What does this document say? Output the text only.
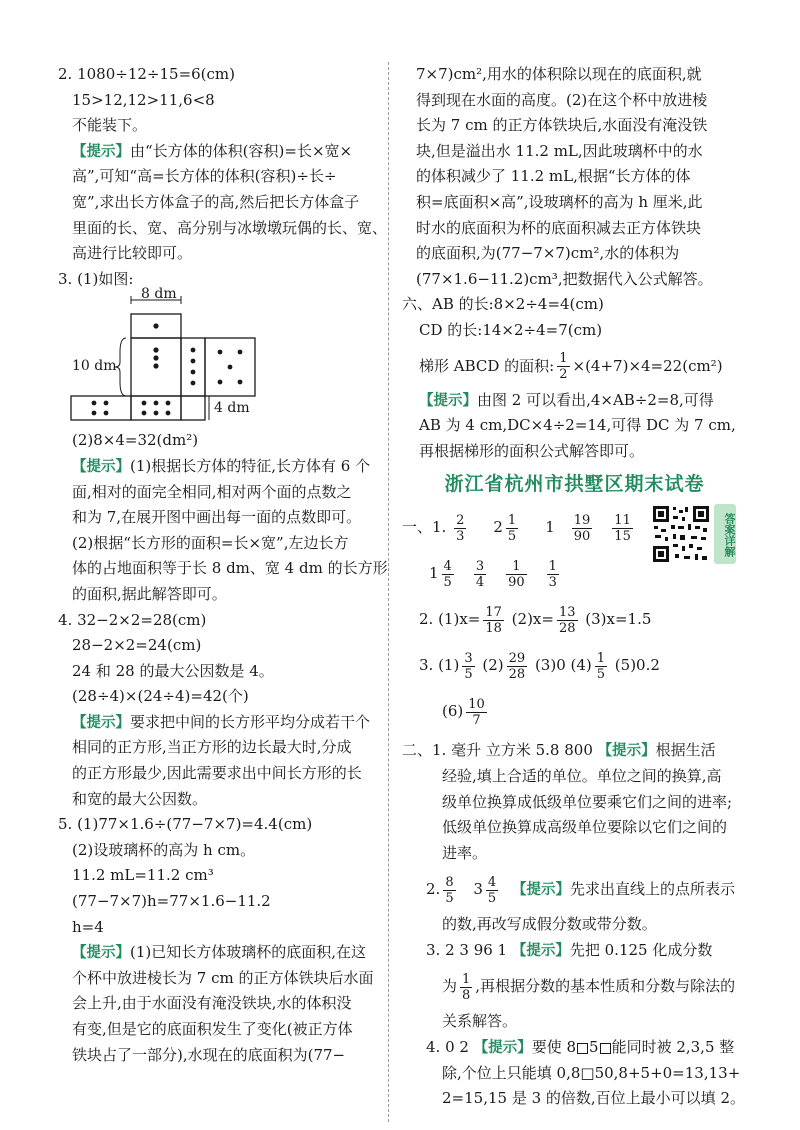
2. 1080÷12÷15=6(cm)
15>12,12>11,6<8
不能装下。
【提示】由“长方体的体积(容积)=长×宽×
高”,可知“高=长方体的体积(容积)÷长÷
宽”,求出长方体盒子的高,然后把长方体盒子
里面的长、宽、高分别与冰墩墩玩偶的长、宽、
高进行比较即可。
3. (1)如图:
8 dm
10 dm
4 dm
(2)8×4=32(dm²)
【提示】(1)根据长方体的特征,长方体有 6 个
面,相对的面完全相同,相对两个面的点数之
和为 7,在展开图中画出每一面的点数即可。
(2)根据“长方形的面积=长×宽”,左边长方
体的占地面积等于长 8 dm、宽 4 dm 的长方形
的面积,据此解答即可。
4. 32−2×2=28(cm)
28−2×2=24(cm)
24 和 28 的最大公因数是 4。
(28÷4)×(24÷4)=42(个)
【提示】要求把中间的长方形平均分成若干个
相同的正方形,当正方形的边长最大时,分成
的正方形最少,因此需要求出中间长方形的长
和宽的最大公因数。
5. (1)77×1.6÷(77−7×7)=4.4(cm)
(2)设玻璃杯的高为 h cm。
11.2 mL=11.2 cm³
(77−7×7)h=77×1.6−11.2
h=4
【提示】(1)已知长方体玻璃杯的底面积,在这
个杯中放进棱长为 7 cm 的正方体铁块后水面
会上升,由于水面没有淹没铁块,水的体积没
有变,但是它的底面积发生了变化(被正方体
铁块占了一部分),水现在的底面积为(77−
7×7)cm²,用水的体积除以现在的底面积,就
得到现在水面的高度。(2)在这个杯中放进棱
长为 7 cm 的正方体铁块后,水面没有淹没铁
块,但是溢出水 11.2 mL,因此玻璃杯中的水
的体积减少了 11.2 mL,根据“长方体的体
积=底面积×高”,设玻璃杯的高为 h 厘米,此
时水的底面积为杯的底面积减去正方体铁块
的底面积,为(77−7×7)cm²,水的体积为
(77×1.6−11.2)cm³,把数据代入公式解答。
六、AB 的长:8×2÷4=4(cm)
CD 的长:14×2÷4=7(cm)
梯形 ABCD 的面积: $\frac{1}{2} \times(4+7)\times 4=22(cm^2)$
【提示】由图 2 可以看出,4×AB÷2=8,可得
AB 为 4 cm,DC×4÷2=14,可得 DC 为 7 cm,
再根据梯形的面积公式解答即可。
浙江省杭州市拱墅区期末试卷
答案详解
一、1. $\frac{2}{3} 2 \frac{1}{5} 1 \frac{19}{90} \frac{11}{15}$
$1 \frac{4}{5} \frac{3}{4} \frac{1}{90} \frac{1}{3}$
2. $(1)x= \frac{17}{18} (2)x= \frac{13}{28} (3)x=1.5$
3. $(1) \frac{3}{5} (2) \frac{29}{28} (3)0$ $(4) \frac{1}{5} (5)0.2$
$(6) \frac{10}{7}$
二、1. 毫升 立方米 5.8 800 【提示】根据生活
经验,填上合适的单位。单位之间的换算,高
级单位换算成低级单位要乘它们之间的进率;
低级单位换算成高级单位要除以它们之间的
进率。
2. $\frac{8}{5} 3 \frac{4}{5}$ 【提示】先求出直线上的点所表示
的数,再改写成假分数或带分数。
3. 2 3 96 1 【提示】先把 0.125 化成分数
为 $\frac{1}{8}$ ,再根据分数的基本性质和分数与除法的
关系解答。
4. 0 2 【提示】要使 8 5 能同时被 2,3,5 整
除,个位上只能填 0,8□50,8+5+0=13,13+
2=15,15 是 3 的倍数,百位上最小可以填 2。
